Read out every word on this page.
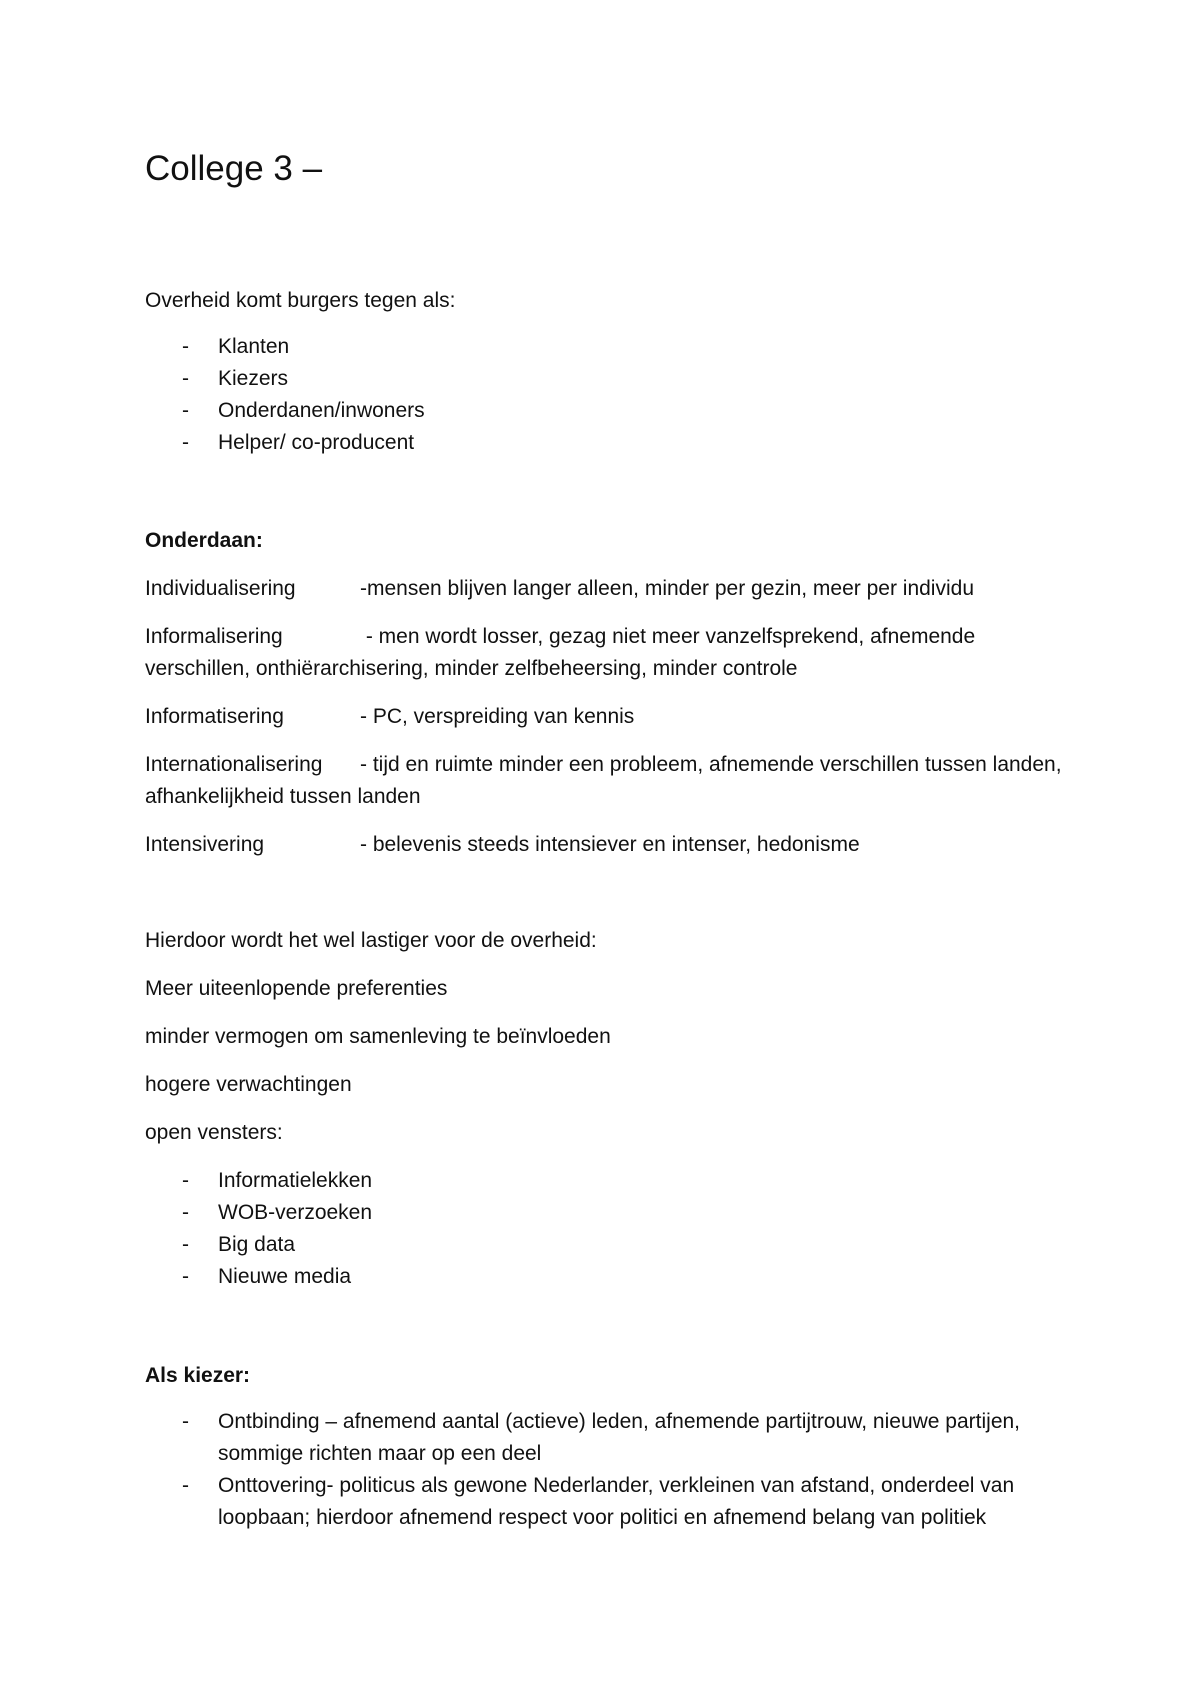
College 3 –

Overheid komt burgers tegen als:

- Klanten
- Kiezers
- Onderdanen/inwoners
- Helper/ co-producent

Onderdaan:

Individualisering	-mensen blijven langer alleen, minder per gezin, meer per individu

Informalisering	- men wordt losser, gezag niet meer vanzelfsprekend, afnemende verschillen, onthiërarchisering, minder zelfbeheersing, minder controle

Informatisering	- PC, verspreiding van kennis

Internationalisering - tijd en ruimte minder een probleem, afnemende verschillen tussen landen, afhankelijkheid tussen landen

Intensivering	- belevenis steeds intensiever en intenser, hedonisme

Hierdoor wordt het wel lastiger voor de overheid:

Meer uiteenlopende preferenties

minder vermogen om samenleving te beïnvloeden

hogere verwachtingen

open vensters:

- Informatielekken
- WOB-verzoeken
- Big data
- Nieuwe media

Als kiezer:

- Ontbinding – afnemend aantal (actieve) leden, afnemende partijtrouw, nieuwe partijen, sommige richten maar op een deel
- Onttovering- politicus als gewone Nederlander, verkleinen van afstand, onderdeel van loopbaan; hierdoor afnemend respect voor politici en afnemend belang van politiek
